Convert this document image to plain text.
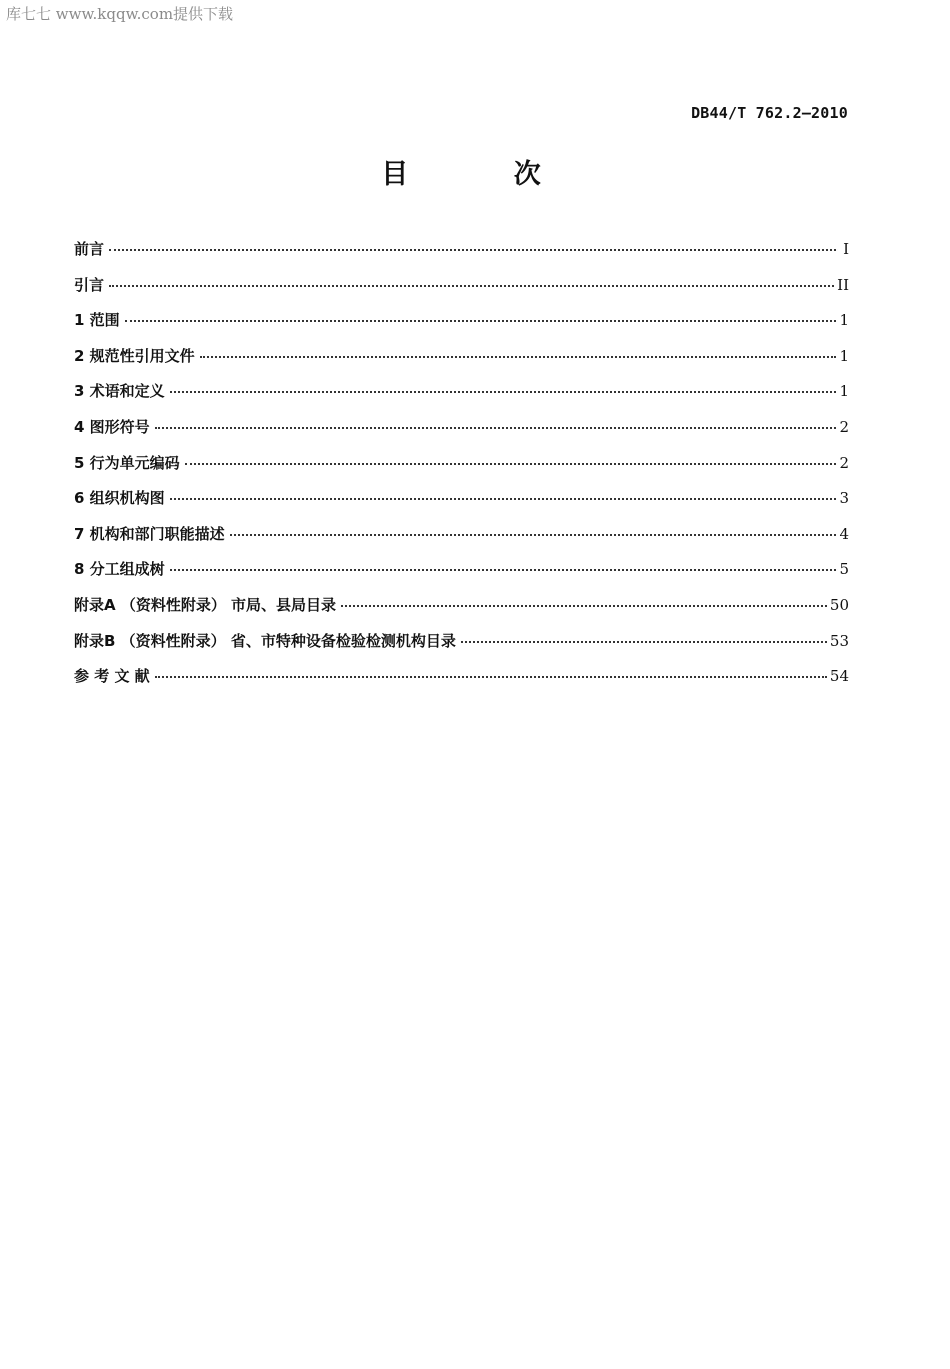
库七七 www.kqqw.com提供下载
DB44/T 762.2—2010
目 次
前言	I
引言	II
1 范围	1
2 规范性引用文件	1
3 术语和定义	1
4 图形符号	2
5 行为单元编码	2
6 组织机构图	3
7 机构和部门职能描述	4
8 分工组成树	5
附录A （资料性附录） 市局、县局目录	50
附录B （资料性附录） 省、市特种设备检验检测机构目录	53
参 考 文 献	54
